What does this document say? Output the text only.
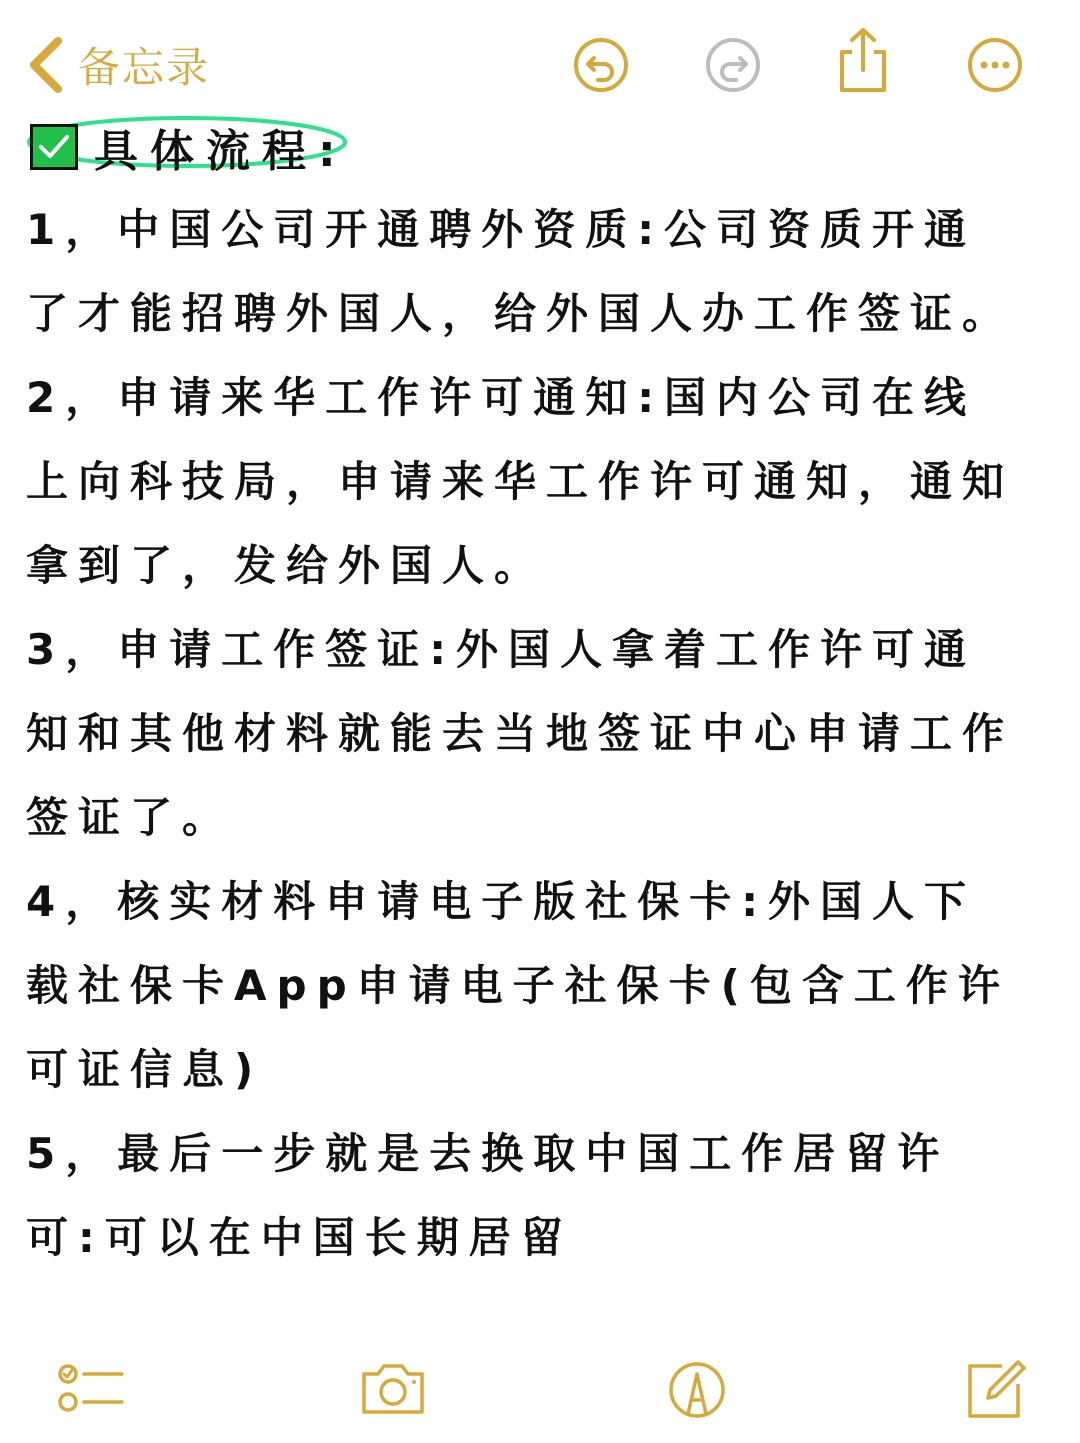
备忘录
具体流程:

1，中国公司开通聘外资质:公司资质开通了才能招聘外国人，给外国人办工作签证。

2，申请来华工作许可通知:国内公司在线上向科技局，申请来华工作许可通知，通知拿到了，发给外国人。

3，申请工作签证:外国人拿着工作许可通知和其他材料就能去当地签证中心申请工作签证了。

4，核实材料申请电子版社保卡:外国人下载社保卡App申请电子社保卡(包含工作许可证信息)

5，最后一步就是去换取中国工作居留许可:可以在中国长期居留
